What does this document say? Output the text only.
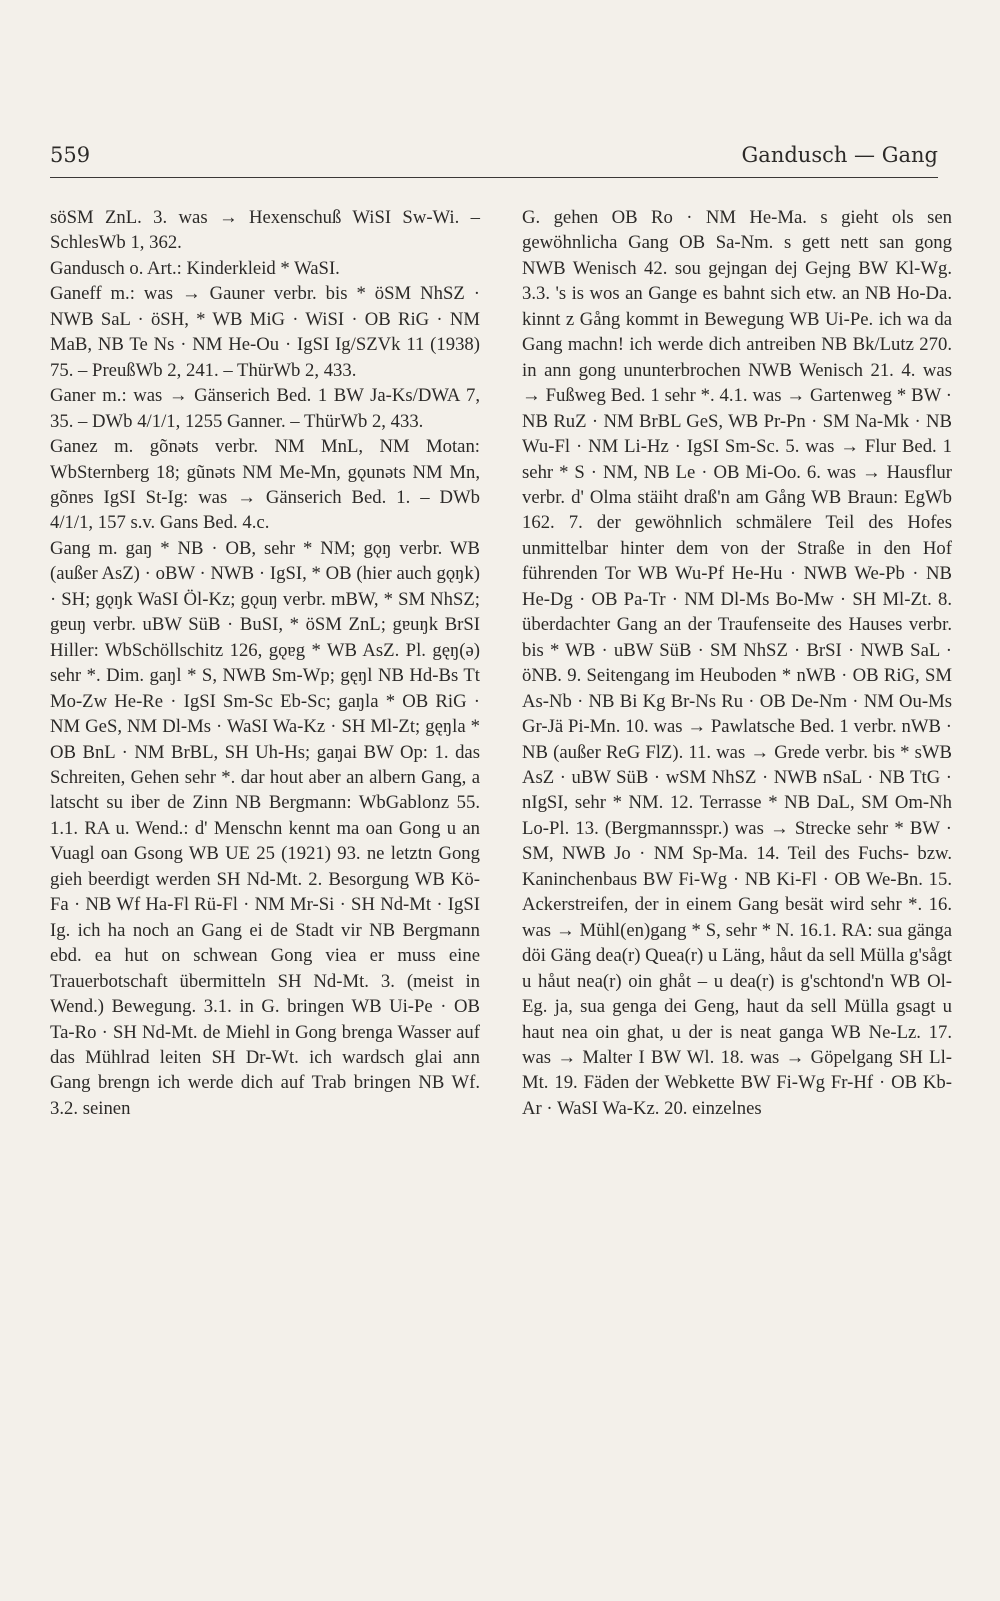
559	Gandusch — Gang

söSM ZnL. 3. was → Hexenschuß WiSI Sw-Wi. – SchlesWb 1, 362.

Gandusch o. Art.: Kinderkleid * WaSI.

Ganeff m.: was → Gauner verbr. bis * öSM NhSZ · NWB SaL · öSH, * WB MiG · WiSI · OB RiG · NM MaB, NB Te Ns · NM He-Ou · IgSI Ig/SZVk 11 (1938) 75. – PreußWb 2, 241. – ThürWb 2, 433.

Ganer m.: was → Gänserich Bed. 1 BW Ja-Ks/DWA 7, 35. – DWb 4/1/1, 1255 Ganner. – ThürWb 2, 433.

Ganez m. gõnəts verbr. NM MnL, NM Motan: WbSternberg 18; gũnəts NM Me-Mn, gǫunəts NM Mn, gõnɐs IgSI St-Ig: was → Gänserich Bed. 1. – DWb 4/1/1, 157 s.v. Gans Bed. 4.c.

Gang m. gaŋ * NB · OB, sehr * NM; gǫŋ verbr. WB (außer AsZ) · oBW · NWB · IgSI, * OB (hier auch gǫŋk) · SH; gǫŋk WaSI Öl-Kz; gǫuŋ verbr. mBW, * SM NhSZ; gɐuŋ verbr. uBW SüB · BuSI, * öSM ZnL; gɐuŋk BrSI Hiller: WbSchöllschitz 126, gǫɐg * WB AsZ. Pl. gęŋ(ə) sehr *. Dim. gaŋl * S, NWB Sm-Wp; gęŋl NB Hd-Bs Tt Mo-Zw He-Re · IgSI Sm-Sc Eb-Sc; gaŋla * OB RiG · NM GeS, NM Dl-Ms · WaSI Wa-Kz · SH Ml-Zt; gęŋla * OB BnL · NM BrBL, SH Uh-Hs; gaŋai BW Op: 1. das Schreiten, Gehen sehr *. dar hout aber an albern Gang, a latscht su iber de Zinn NB Bergmann: WbGablonz 55. 1.1. RA u. Wend.: d' Menschn kennt ma oan Gong u an Vuagl oan Gsong WB UE 25 (1921) 93. ne letztn Gong gieh beerdigt werden SH Nd-Mt. 2. Besorgung WB Kö-Fa · NB Wf Ha-Fl Rü-Fl · NM Mr-Si · SH Nd-Mt · IgSI Ig. ich ha noch an Gang ei de Stadt vir NB Bergmann ebd. ea hut on schwean Gong viea er muss eine Trauerbotschaft übermitteln SH Nd-Mt. 3. (meist in Wend.) Bewegung. 3.1. in G. bringen WB Ui-Pe · OB Ta-Ro · SH Nd-Mt. de Miehl in Gong brenga Wasser auf das Mühlrad leiten SH Dr-Wt. ich wardsch glai ann Gang brengn ich werde dich auf Trab bringen NB Wf. 3.2. seinen

G. gehen OB Ro · NM He-Ma. s gieht ols sen gewöhnlicha Gang OB Sa-Nm. s gett nett san gong NWB Wenisch 42. sou gejngan dej Gejng BW Kl-Wg. 3.3. 's is wos an Gange es bahnt sich etw. an NB Ho-Da. kinnt z Gång kommt in Bewegung WB Ui-Pe. ich wa da Gang machn! ich werde dich antreiben NB Bk/Lutz 270. in ann gong ununterbrochen NWB Wenisch 21. 4. was → Fußweg Bed. 1 sehr *. 4.1. was → Gartenweg * BW · NB RuZ · NM BrBL GeS, WB Pr-Pn · SM Na-Mk · NB Wu-Fl · NM Li-Hz · IgSI Sm-Sc. 5. was → Flur Bed. 1 sehr * S · NM, NB Le · OB Mi-Oo. 6. was → Hausflur verbr. d' Olma stäiht draß'n am Gång WB Braun: EgWb 162. 7. der gewöhnlich schmälere Teil des Hofes unmittelbar hinter dem von der Straße in den Hof führenden Tor WB Wu-Pf He-Hu · NWB We-Pb · NB He-Dg · OB Pa-Tr · NM Dl-Ms Bo-Mw · SH Ml-Zt. 8. überdachter Gang an der Traufenseite des Hauses verbr. bis * WB · uBW SüB · SM NhSZ · BrSI · NWB SaL · öNB. 9. Seitengang im Heuboden * nWB · OB RiG, SM As-Nb · NB Bi Kg Br-Ns Ru · OB De-Nm · NM Ou-Ms Gr-Jä Pi-Mn. 10. was → Pawlatsche Bed. 1 verbr. nWB · NB (außer ReG FlZ). 11. was → Grede verbr. bis * sWB AsZ · uBW SüB · wSM NhSZ · NWB nSaL · NB TtG · nIgSI, sehr * NM. 12. Terrasse * NB DaL, SM Om-Nh Lo-Pl. 13. (Bergmannsspr.) was → Strecke sehr * BW · SM, NWB Jo · NM Sp-Ma. 14. Teil des Fuchs- bzw. Kaninchenbaus BW Fi-Wg · NB Ki-Fl · OB We-Bn. 15. Ackerstreifen, der in einem Gang besät wird sehr *. 16. was → Mühl(en)gang * S, sehr * N. 16.1. RA: sua gänga döi Gäng dea(r) Quea(r) u Läng, håut da sell Mülla g'sågt u håut nea(r) oin ghåt – u dea(r) is g'schtond'n WB Ol-Eg. ja, sua genga dei Geng, haut da sell Mülla gsagt u haut nea oin ghat, u der is neat ganga WB Ne-Lz. 17. was → Malter I BW Wl. 18. was → Göpelgang SH Ll-Mt. 19. Fäden der Webkette BW Fi-Wg Fr-Hf · OB Kb-Ar · WaSI Wa-Kz. 20. einzelnes
